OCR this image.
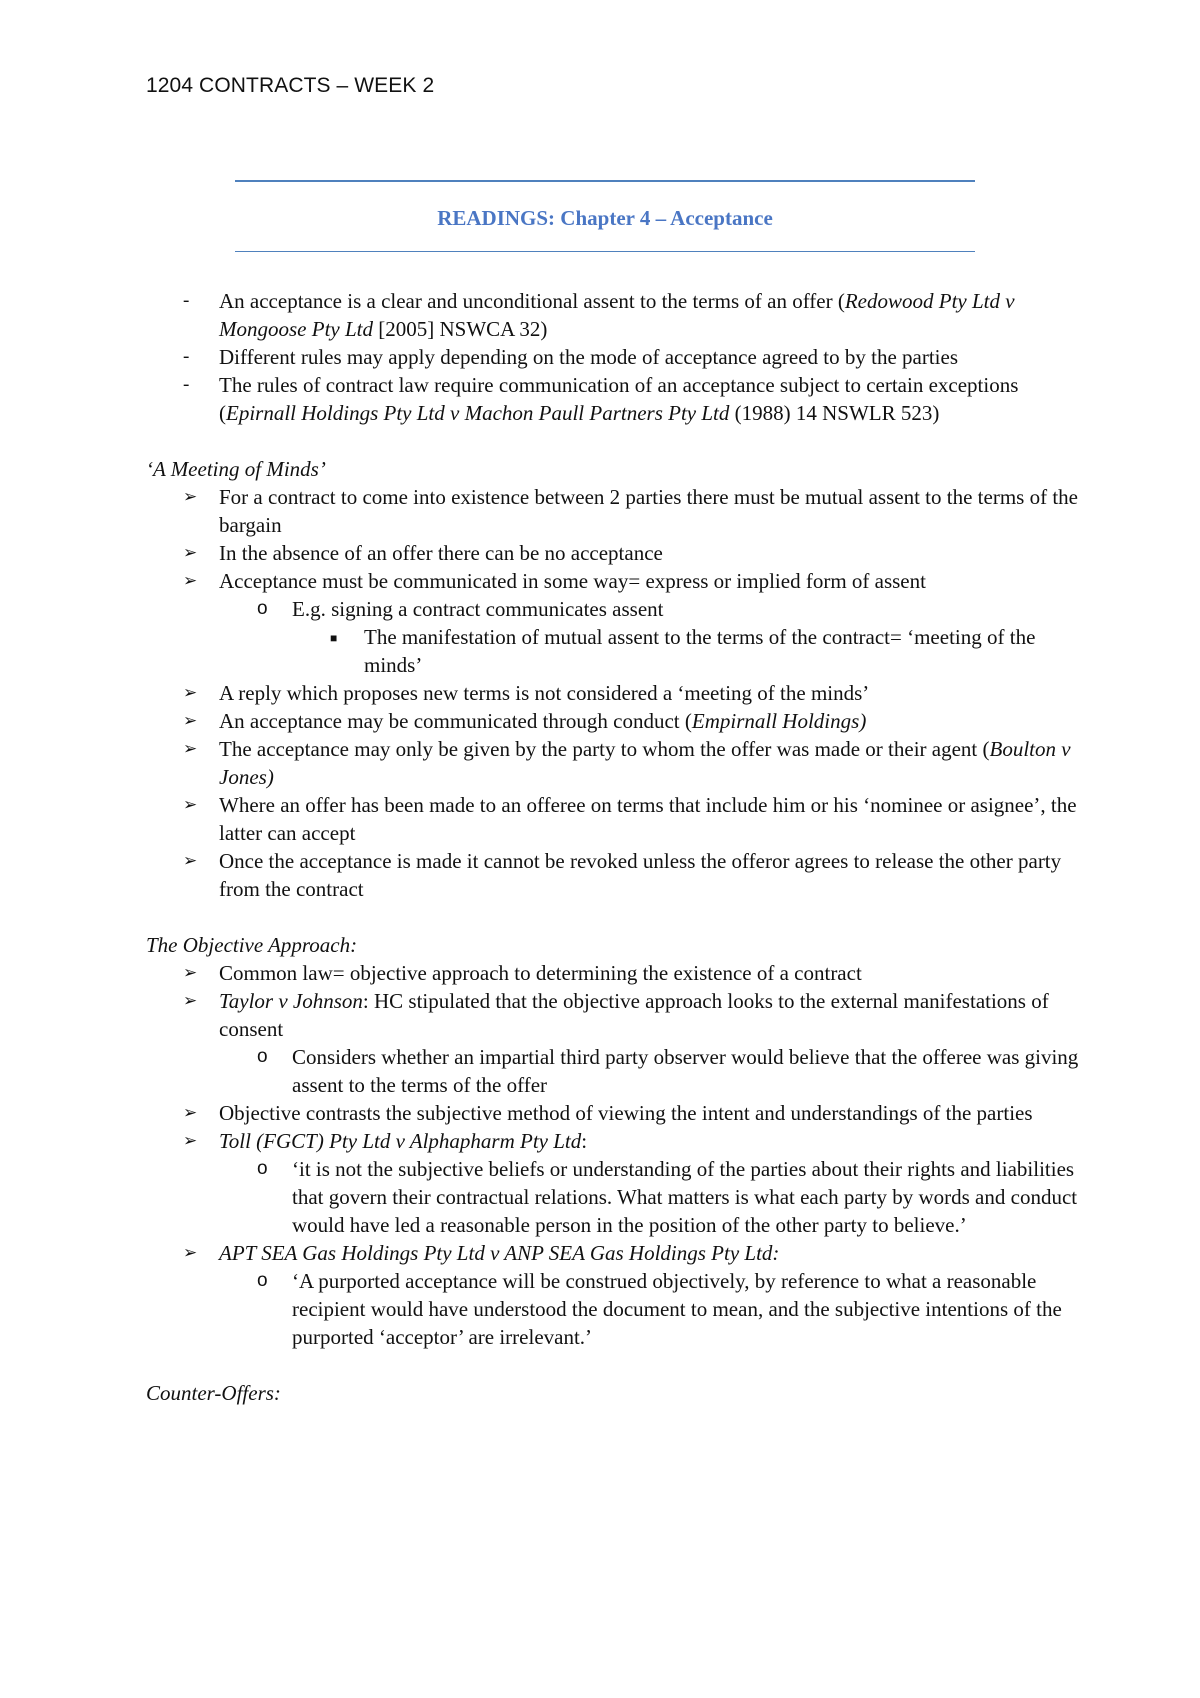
1204 CONTRACTS – WEEK 2
READINGS: Chapter 4 – Acceptance
- An acceptance is a clear and unconditional assent to the terms of an offer (Redowood Pty Ltd v Mongoose Pty Ltd [2005] NSWCA 32)
- Different rules may apply depending on the mode of acceptance agreed to by the parties
- The rules of contract law require communication of an acceptance subject to certain exceptions (Epirnall Holdings Pty Ltd v Machon Paull Partners Pty Ltd (1988) 14 NSWLR 523)
‘A Meeting of Minds’
➢ For a contract to come into existence between 2 parties there must be mutual assent to the terms of the bargain
➢ In the absence of an offer there can be no acceptance
➢ Acceptance must be communicated in some way= express or implied form of assent
o E.g. signing a contract communicates assent
■ The manifestation of mutual assent to the terms of the contract= ‘meeting of the minds’
➢ A reply which proposes new terms is not considered a ‘meeting of the minds’
➢ An acceptance may be communicated through conduct (Empirnall Holdings)
➢ The acceptance may only be given by the party to whom the offer was made or their agent (Boulton v Jones)
➢ Where an offer has been made to an offeree on terms that include him or his ‘nominee or asignee’, the latter can accept
➢ Once the acceptance is made it cannot be revoked unless the offeror agrees to release the other party from the contract
The Objective Approach:
➢ Common law= objective approach to determining the existence of a contract
➢ Taylor v Johnson: HC stipulated that the objective approach looks to the external manifestations of consent
o Considers whether an impartial third party observer would believe that the offeree was giving assent to the terms of the offer
➢ Objective contrasts the subjective method of viewing the intent and understandings of the parties
➢ Toll (FGCT) Pty Ltd v Alphapharm Pty Ltd:
o ‘it is not the subjective beliefs or understanding of the parties about their rights and liabilities that govern their contractual relations. What matters is what each party by words and conduct would have led a reasonable person in the position of the other party to believe.’
➢ APT SEA Gas Holdings Pty Ltd v ANP SEA Gas Holdings Pty Ltd:
o ‘A purported acceptance will be construed objectively, by reference to what a reasonable recipient would have understood the document to mean, and the subjective intentions of the purported ‘acceptor’ are irrelevant.’
Counter-Offers:
